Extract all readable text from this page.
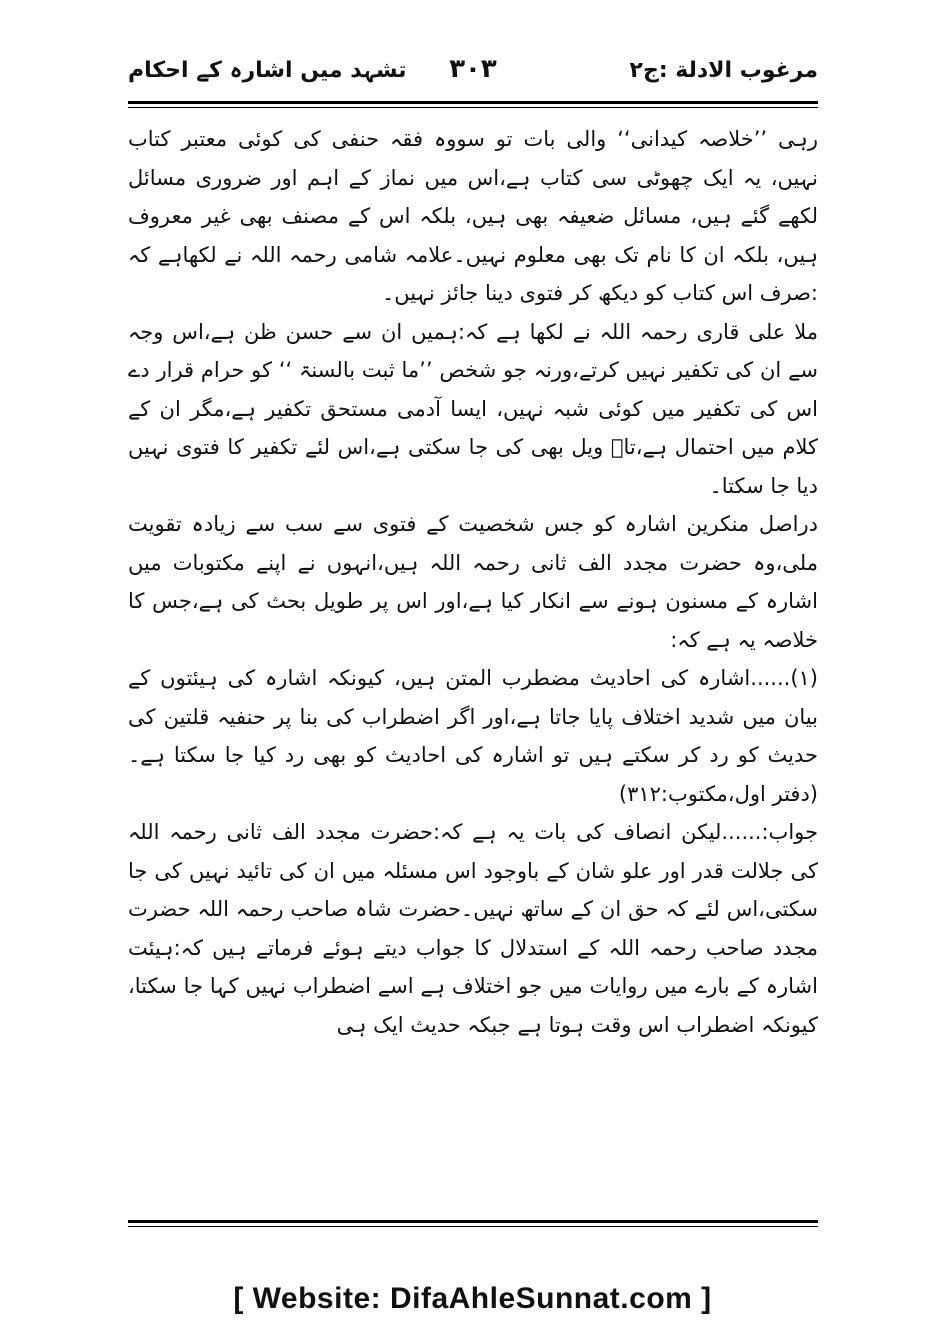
مرغوب الادلة :ج۲
۳۰۳
تشہد میں اشارہ کے احکام

رہی ’’خلاصہ کیدانی‘‘ والی بات تو سووہ فقہ حنفی کی کوئی معتبر کتاب نہیں، یہ ایک چھوٹی سی کتاب ہے،اس میں نماز کے اہم اور ضروری مسائل لکھے گئے ہیں، مسائل ضعیفہ بھی ہیں، بلکہ اس کے مصنف بھی غیر معروف ہیں، بلکہ ان کا نام تک بھی معلوم نہیں۔علامہ شامی رحمہ اللہ نے لکھاہے کہ :صرف اس کتاب کو دیکھ کر فتوی دینا جائز نہیں۔

ملا علی قاری رحمہ اللہ نے لکھا ہے کہ:ہمیں ان سے حسن ظن ہے،اس وجہ سے ان کی تکفیر نہیں کرتے،ورنہ جو شخص ’’ما ثبت بالسنۃ ‘‘ کو حرام قرار دے اس کی تکفیر میں کوئی شبہ نہیں، ایسا آدمی مستحق تکفیر ہے،مگر ان کے کلام میں احتمال ہے،تاؑ ویل بھی کی جا سکتی ہے،اس لئے تکفیر کا فتوی نہیں دیا جا سکتا۔

دراصل منکرین اشارہ کو جس شخصیت کے فتوی سے سب سے زیادہ تقویت ملی،وہ حضرت مجدد الف ثانی رحمہ اللہ ہیں،انہوں نے اپنے مکتوبات میں اشارہ کے مسنون ہونے سے انکار کیا ہے،اور اس پر طویل بحث کی ہے،جس کا خلاصہ یہ ہے کہ:

(۱)......اشارہ کی احادیث مضطرب المتن ہیں، کیونکہ اشارہ کی ہیئتوں کے بیان میں شدید اختلاف پایا جاتا ہے،اور اگر اضطراب کی بنا پر حنفیہ قلتین کی حدیث کو رد کر سکتے ہیں تو اشارہ کی احادیث کو بھی رد کیا جا سکتا ہے۔(دفتر اول،مکتوب:۳۱۲)

جواب:......لیکن انصاف کی بات یہ ہے کہ:حضرت مجدد الف ثانی رحمہ اللہ کی جلالت قدر اور علو شان کے باوجود اس مسئلہ میں ان کی تائید نہیں کی جا سکتی،اس لئے کہ حق ان کے ساتھ نہیں۔حضرت شاہ صاحب رحمہ اللہ حضرت مجدد صاحب رحمہ اللہ کے استدلال کا جواب دیتے ہوئے فرماتے ہیں کہ:ہیئت اشارہ کے بارے میں روایات میں جو اختلاف ہے اسے اضطراب نہیں کہا جا سکتا، کیونکہ اضطراب اس وقت ہوتا ہے جبکہ حدیث ایک ہی

[ Website: DifaAhleSunnat.com ]
